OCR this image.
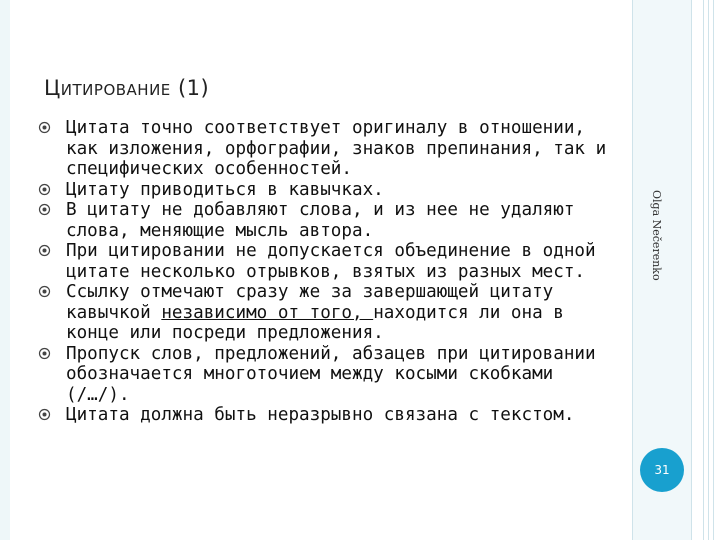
Olga Nečerenko
31
Цитирование (1)
Цитата точно соответствует оригиналу в отношении, как изложения, орфографии, знаков препинания, так и специфических особенностей.
Цитату приводиться в кавычках.
В цитату не добавляют слова, и из нее не удаляют слова, меняющие мысль автора.
При цитировании не допускается объединение в одной цитате несколько отрывков, взятых из разных мест.
Ссылку отмечают сразу же за завершающей цитату кавычкой независимо от того, находится ли она в конце или посреди предложения.
Пропуск слов, предложений, абзацев при цитировании обозначается многоточием между косыми скобками (/…/).
Цитата должна быть неразрывно связана с текстом.
